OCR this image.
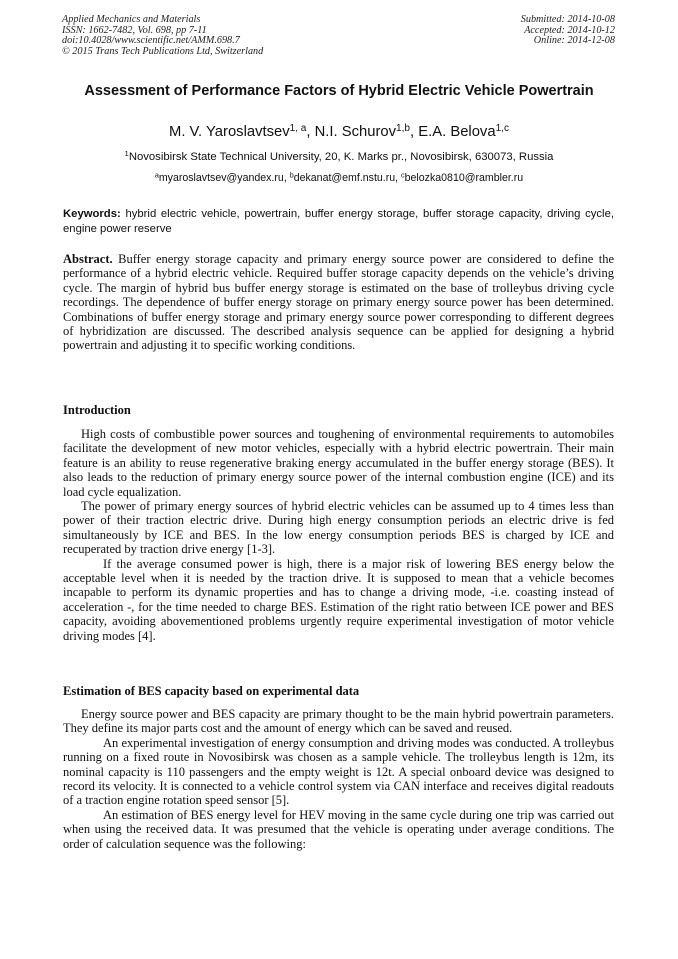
Applied Mechanics and Materials
ISSN: 1662-7482, Vol. 698, pp 7-11
doi:10.4028/www.scientific.net/AMM.698.7
© 2015 Trans Tech Publications Ltd, Switzerland
Submitted: 2014-10-08
Accepted: 2014-10-12
Online: 2014-12-08
Assessment of Performance Factors of Hybrid Electric Vehicle Powertrain
M. V. Yaroslavtsev$^{1, a}$, N.I. Schurov$^{1,b}$, E.A. Belova$^{1,c}$
$^1$Novosibirsk State Technical University, 20, K. Marks pr., Novosibirsk, 630073, Russia
$^a$myaroslavtsev@yandex.ru, $^b$dekanat@emf.nstu.ru, $^c$belozka0810@rambler.ru
Keywords: hybrid electric vehicle, powertrain, buffer energy storage, buffer storage capacity, driving cycle, engine power reserve

Abstract. Buffer energy storage capacity and primary energy source power are considered to define the performance of a hybrid electric vehicle. Required buffer storage capacity depends on the vehicle’s driving cycle. The margin of hybrid bus buffer energy storage is estimated on the base of trolleybus driving cycle recordings. The dependence of buffer energy storage on primary energy source power has been determined. Combinations of buffer energy storage and primary energy source power corresponding to different degrees of hybridization are discussed. The described analysis sequence can be applied for designing a hybrid powertrain and adjusting it to specific working conditions.

Introduction

High costs of combustible power sources and toughening of environmental requirements to automobiles facilitate the development of new motor vehicles, especially with a hybrid electric powertrain. Their main feature is an ability to reuse regenerative braking energy accumulated in the buffer energy storage (BES). It also leads to the reduction of primary energy source power of the internal combustion engine (ICE) and its load cycle equalization.

The power of primary energy sources of hybrid electric vehicles can be assumed up to 4 times less than power of their traction electric drive. During high energy consumption periods an electric drive is fed simultaneously by ICE and BES. In the low energy consumption periods BES is charged by ICE and recuperated by traction drive energy [1-3].

If the average consumed power is high, there is a major risk of lowering BES energy below the acceptable level when it is needed by the traction drive. It is supposed to mean that a vehicle becomes incapable to perform its dynamic properties and has to change a driving mode, -i.e. coasting instead of acceleration -, for the time needed to charge BES. Estimation of the right ratio between ICE power and BES capacity, avoiding abovementioned problems urgently require experimental investigation of motor vehicle driving modes [4].

Estimation of BES capacity based on experimental data

Energy source power and BES capacity are primary thought to be the main hybrid powertrain parameters. They define its major parts cost and the amount of energy which can be saved and reused.

An experimental investigation of energy consumption and driving modes was conducted. A trolleybus running on a fixed route in Novosibirsk was chosen as a sample vehicle. The trolleybus length is 12m, its nominal capacity is 110 passengers and the empty weight is 12t. A special onboard device was designed to record its velocity. It is connected to a vehicle control system via CAN interface and receives digital readouts of a traction engine rotation speed sensor [5].

An estimation of BES energy level for HEV moving in the same cycle during one trip was carried out when using the received data. It was presumed that the vehicle is operating under average conditions. The order of calculation sequence was the following:
